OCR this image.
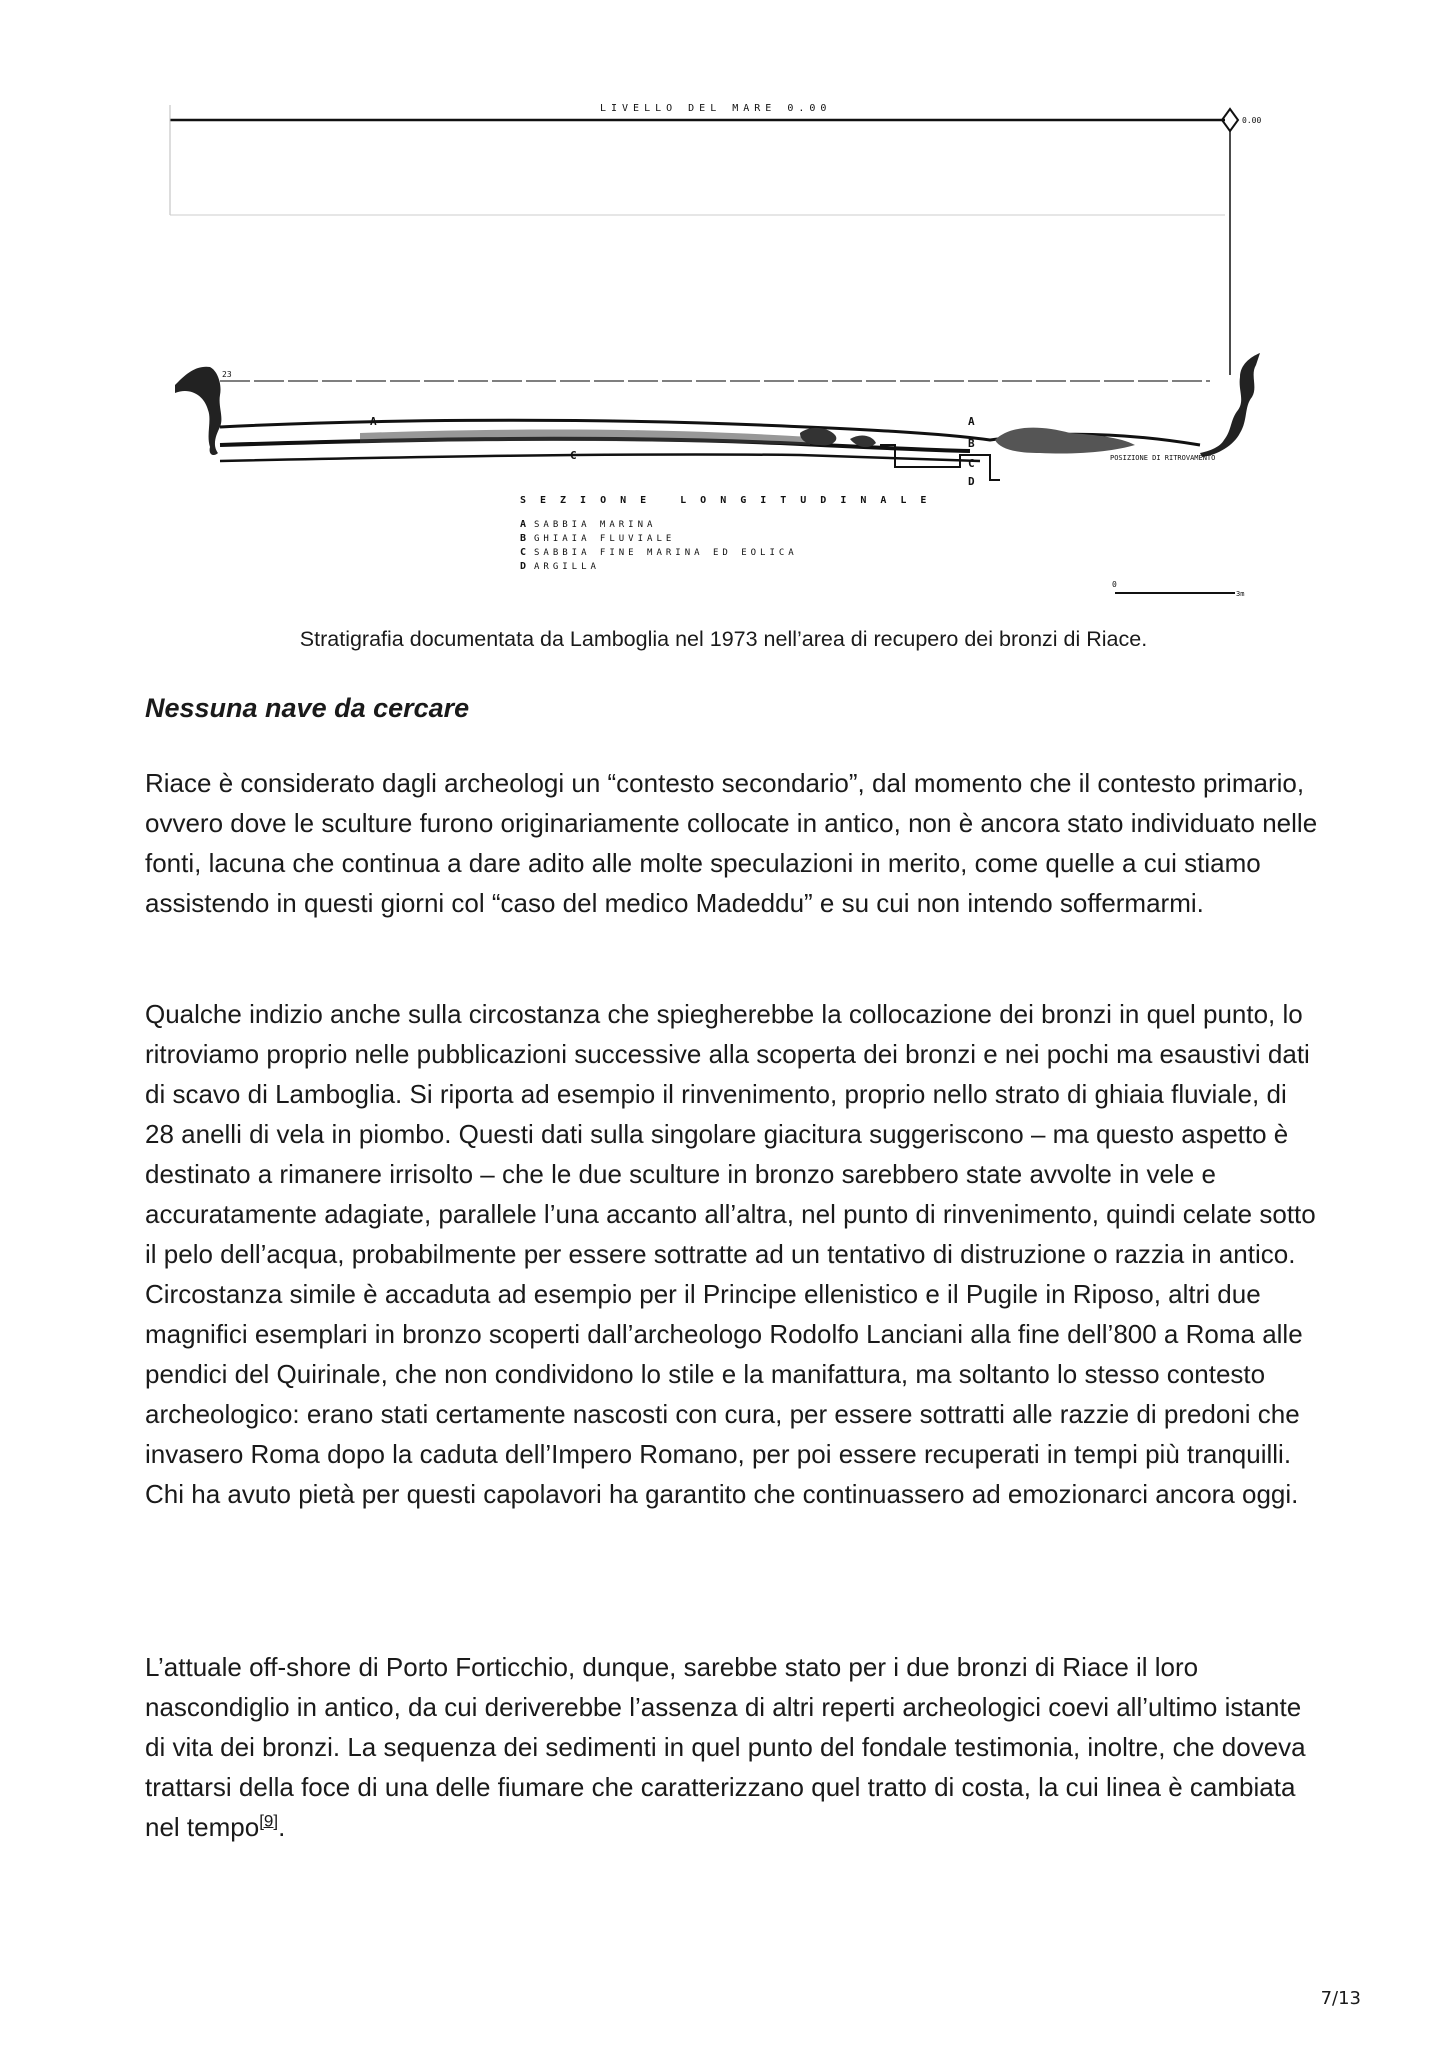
LIVELLO DEL MARE 0.00
0.00
23
A
C
A
B
C
D
POSIZIONE DI RITROVAMENTO
SEZIONE LONGITUDINALE
A SABBIA MARINA
B GHIAIA FLUVIALE
C SABBIA FINE MARINA ED EOLICA
D ARGILLA
0
3m
Stratigrafia documentata da Lamboglia nel 1973 nell’area di recupero dei bronzi di Riace.
Nessuna nave da cercare

Riace è considerato dagli archeologi un “contesto secondario”, dal momento che il contesto primario, ovvero dove le sculture furono originariamente collocate in antico, non è ancora stato individuato nelle fonti, lacuna che continua a dare adito alle molte speculazioni in merito, come quelle a cui stiamo assistendo in questi giorni col “caso del medico Madeddu” e su cui non intendo soffermarmi.

Qualche indizio anche sulla circostanza che spiegherebbe la collocazione dei bronzi in quel punto, lo ritroviamo proprio nelle pubblicazioni successive alla scoperta dei bronzi e nei pochi ma esaustivi dati di scavo di Lamboglia. Si riporta ad esempio il rinvenimento, proprio nello strato di ghiaia fluviale, di 28 anelli di vela in piombo. Questi dati sulla singolare giacitura suggeriscono – ma questo aspetto è destinato a rimanere irrisolto – che le due sculture in bronzo sarebbero state avvolte in vele e accuratamente adagiate, parallele l’una accanto all’altra, nel punto di rinvenimento, quindi celate sotto il pelo dell’acqua, probabilmente per essere sottratte ad un tentativo di distruzione o razzia in antico. Circostanza simile è accaduta ad esempio per il Principe ellenistico e il Pugile in Riposo, altri due magnifici esemplari in bronzo scoperti dall’archeologo Rodolfo Lanciani alla fine dell’800 a Roma alle pendici del Quirinale, che non condividono lo stile e la manifattura, ma soltanto lo stesso contesto archeologico: erano stati certamente nascosti con cura, per essere sottratti alle razzie di predoni che invasero Roma dopo la caduta dell’Impero Romano, per poi essere recuperati in tempi più tranquilli. Chi ha avuto pietà per questi capolavori ha garantito che continuassero ad emozionarci ancora oggi.

L’attuale off-shore di Porto Forticchio, dunque, sarebbe stato per i due bronzi di Riace il loro nascondiglio in antico, da cui deriverebbe l’assenza di altri reperti archeologici coevi all’ultimo istante di vita dei bronzi. La sequenza dei sedimenti in quel punto del fondale testimonia, inoltre, che doveva trattarsi della foce di una delle fiumare che caratterizzano quel tratto di costa, la cui linea è cambiata nel tempo[9].

7/13
